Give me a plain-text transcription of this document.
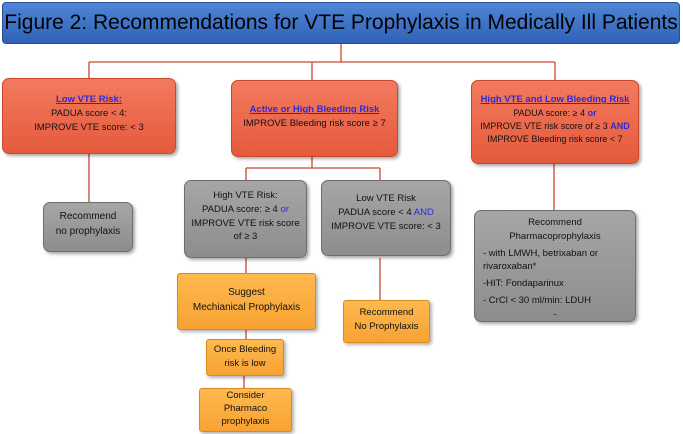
Figure 2: Recommendations for VTE Prophylaxis in Medically Ill Patients
Low VTE Risk:
PADUA score < 4:
IMPROVE VTE score: < 3
Recommend
no prophylaxis
Active or High Bleeding Risk
IMPROVE Bleeding risk score ≥ 7
High VTE Risk:
PADUA score: ≥ 4 or
IMPROVE VTE risk score
of ≥ 3
Low VTE Risk
PADUA score < 4 AND
IMPROVE VTE score: < 3
Suggest
Mechianical Prophylaxis
Once Bleeding
risk is low
Consider
Pharmaco
prophylaxis
Recommend
No Prophylaxis
High VTE and Low Bleeding Risk
PADUA score: ≥ 4 or
IMPROVE VTE risk score of ≥ 3 AND
IMPROVE Bleeding risk score < 7
Recommend
Pharmacoprophylaxis
- with LMWH, betrixaban or
rivaroxaban*
-HIT: Fondaparinux
- CrCl < 30 ml/min: LDUH
-
